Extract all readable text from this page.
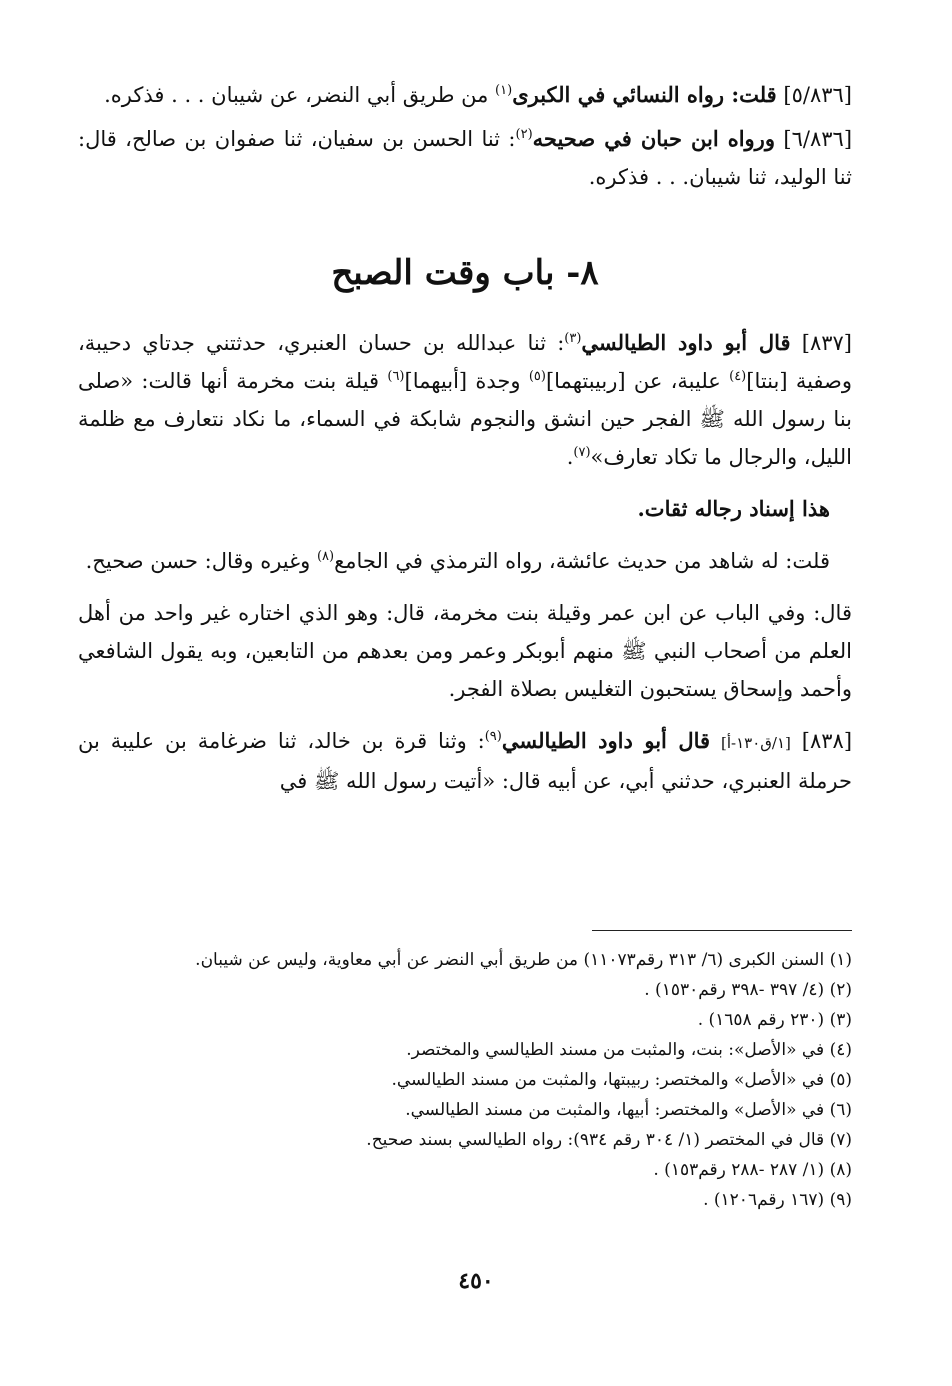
[٥/٨٣٦] قلت: رواه النسائي في الكبرى$^{(١)}$ من طريق أبي النضر، عن شيبان . . . فذكره.

[٦/٨٣٦] ورواه ابن حبان في صحيحه$^{(٢)}$: ثنا الحسن بن سفيان، ثنا صفوان بن صالح، قال: ثنا الوليد، ثنا شيبان. . . فذكره.

٨- باب وقت الصبح

[٨٣٧] قال أبو داود الطيالسي$^{(٣)}$: ثنا عبدالله بن حسان العنبري، حدثتني جدتاي دحيبة، وصفية [بنتا]$^{(٤)}$ عليبة، عن [ربيبتهما]$^{(٥)}$ وجدة [أبيهما]$^{(٦)}$ قيلة بنت مخرمة أنها قالت: «صلى بنا رسول الله ﷺ الفجر حين انشق والنجوم شابكة في السماء، ما نكاد نتعارف مع ظلمة الليل، والرجال ما تكاد تعارف»$^{(٧)}$.

هذا إسناد رجاله ثقات.

قلت: له شاهد من حديث عائشة، رواه الترمذي في الجامع$^{(٨)}$ وغيره وقال: حسن صحيح.

قال: وفي الباب عن ابن عمر وقيلة بنت مخرمة، قال: وهو الذي اختاره غير واحد من أهل العلم من أصحاب النبي ﷺ منهم أبوبكر وعمر ومن بعدهم من التابعين، وبه يقول الشافعي وأحمد وإسحاق يستحبون التغليس بصلاة الفجر.

[٨٣٨] [١/ق١٣٠-أ] قال أبو داود الطيالسي$^{(٩)}$: وثنا قرة بن خالد، ثنا ضرغامة بن عليبة بن حرملة العنبري، حدثني أبي، عن أبيه قال: «أتيت رسول الله ﷺ في

(١) السنن الكبرى (٦/ ٣١٣ رقم١١٠٧٣) من طريق أبي النضر عن أبي معاوية، وليس عن شيبان.

(٢) (٤/ ٣٩٧ -٣٩٨ رقم١٥٣٠) .

(٣) (٢٣٠ رقم ١٦٥٨) .

(٤) في «الأصل»: بنت، والمثبت من مسند الطيالسي والمختصر.

(٥) في «الأصل» والمختصر: ربيبتها، والمثبت من مسند الطيالسي.

(٦) في «الأصل» والمختصر: أبيها، والمثبت من مسند الطيالسي.

(٧) قال في المختصر (١/ ٣٠٤ رقم ٩٣٤): رواه الطيالسي بسند صحيح.

(٨) (١/ ٢٨٧ -٢٨٨ رقم١٥٣) .

(٩) (١٦٧ رقم١٢٠٦) .

٤٥٠
